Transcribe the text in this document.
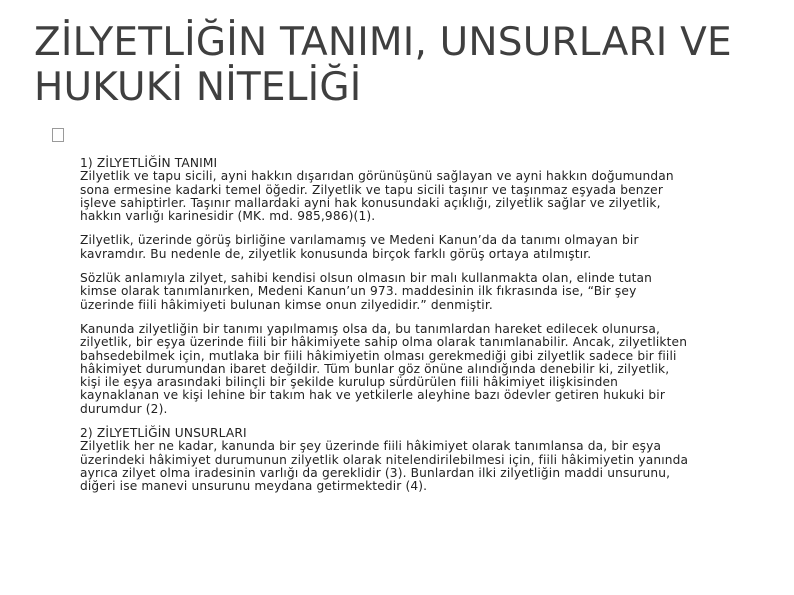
ZİLYETLİĞİN TANIMI, UNSURLARI VE
HUKUKİ NİTELİĞİ
1) ZİLYETLİĞİN TANIMI
Zilyetlik ve tapu sicili, ayni hakkın dışarıdan görünüşünü sağlayan ve ayni hakkın doğumundan
sona ermesine kadarki temel öğedir. Zilyetlik ve tapu sicili taşınır ve taşınmaz eşyada benzer
işleve sahiptirler. Taşınır mallardaki ayni hak konusundaki açıklığı, zilyetlik sağlar ve zilyetlik,
hakkın varlığı karinesidir (MK. md. 985,986)(1).
Zilyetlik, üzerinde görüş birliğine varılamamış ve Medeni Kanun’da da tanımı olmayan bir
kavramdır. Bu nedenle de, zilyetlik konusunda birçok farklı görüş ortaya atılmıştır.
Sözlük anlamıyla zilyet, sahibi kendisi olsun olmasın bir malı kullanmakta olan, elinde tutan
kimse olarak tanımlanırken, Medeni Kanun’un 973. maddesinin ilk fıkrasında ise, “Bir şey
üzerinde fiili hâkimiyeti bulunan kimse onun zilyedidir.” denmiştir.
Kanunda zilyetliğin bir tanımı yapılmamış olsa da, bu tanımlardan hareket edilecek olunursa,
zilyetlik, bir eşya üzerinde fiili bir hâkimiyete sahip olma olarak tanımlanabilir. Ancak, zilyetlikten
bahsedebilmek için, mutlaka bir fiili hâkimiyetin olması gerekmediği gibi zilyetlik sadece bir fiili
hâkimiyet durumundan ibaret değildir. Tüm bunlar göz önüne alındığında denebilir ki, zilyetlik,
kişi ile eşya arasındaki bilinçli bir şekilde kurulup sürdürülen fiili hâkimiyet ilişkisinden
kaynaklanan ve kişi lehine bir takım hak ve yetkilerle aleyhine bazı ödevler getiren hukuki bir
durumdur (2).
2) ZİLYETLİĞİN UNSURLARI
Zilyetlik her ne kadar, kanunda bir şey üzerinde fiili hâkimiyet olarak tanımlansa da, bir eşya
üzerindeki hâkimiyet durumunun zilyetlik olarak nitelendirilebilmesi için, fiili hâkimiyetin yanında
ayrıca zilyet olma iradesinin varlığı da gereklidir (3). Bunlardan ilki zilyetliğin maddi unsurunu,
diğeri ise manevi unsurunu meydana getirmektedir (4).
